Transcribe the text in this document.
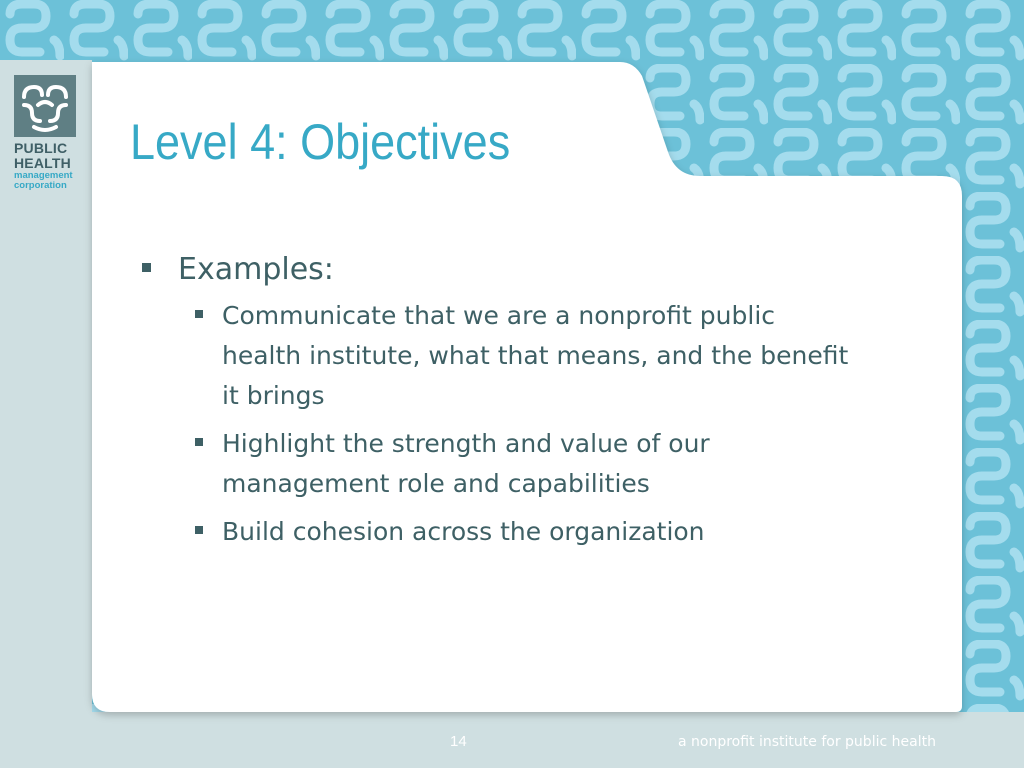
PUBLIC
HEALTH
management
corporation
Level 4: Objectives
Examples:
Communicate that we are a nonprofit public health institute, what that means, and the benefit it brings
Highlight the strength and value of our management role and capabilities
Build cohesion across the organization
14	a nonprofit institute for public health
